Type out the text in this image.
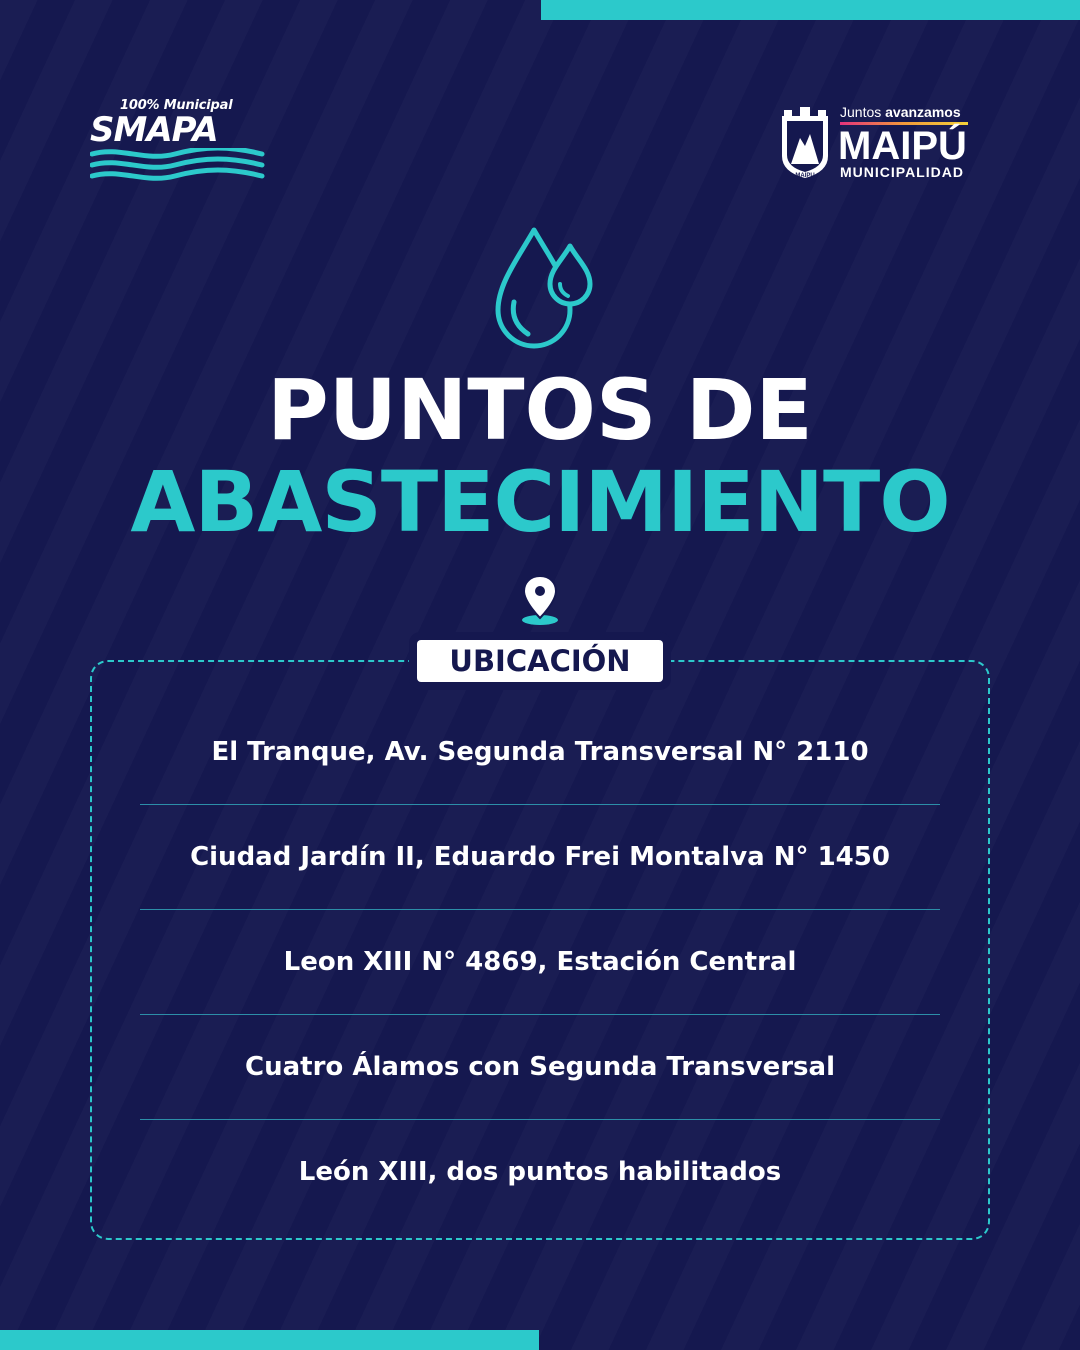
100% Municipal
SMAPA
MAIPU
Juntos avanzamos
MAIPÚ
MUNICIPALIDAD
PUNTOS DE
ABASTECIMIENTO
UBICACIÓN
El Tranque, Av. Segunda Transversal N° 2110
Ciudad Jardín II, Eduardo Frei Montalva N° 1450
Leon XIII N° 4869, Estación Central
Cuatro Álamos con Segunda Transversal
León XIII, dos puntos habilitados
